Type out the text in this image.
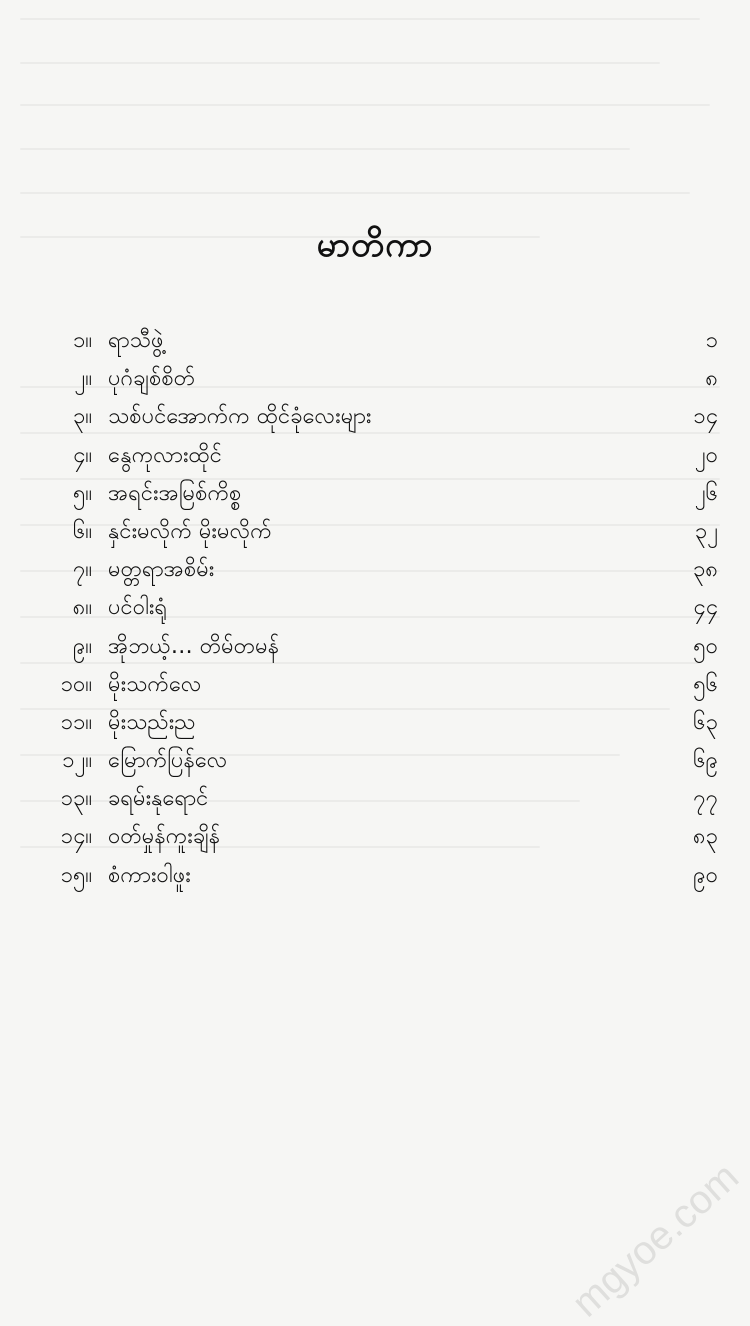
မာတိကာ
၁။ ရာသီဖွဲ့	၁
၂။ ပုဂံချစ်စိတ်	၈
၃။ သစ်ပင်အောက်က ထိုင်ခုံလေးများ	၁၄
၄။ နွေကုလားထိုင်	၂၀
၅။ အရင်းအမြစ်ကိစ္စ	၂၆
၆။ နှင်းမလိုက် မိုးမလိုက်	၃၂
၇။ မတ္တရာအစိမ်း	၃၈
၈။ ပင်ဝါးရုံ	၄၄
၉။ အိုဘယ့်… တိမ်တမန်	၅၀
၁၀။ မိုးသက်လေ	၅၆
၁၁။ မိုးသည်းည	၆၃
၁၂။ မြောက်ပြန်လေ	၆၉
၁၃။ ခရမ်းနုရောင်	၇၇
၁၄။ ဝတ်မှုန်ကူးချိန်	၈၃
၁၅။ စံကားဝါဖူး	၉၀
mgyoe.com
